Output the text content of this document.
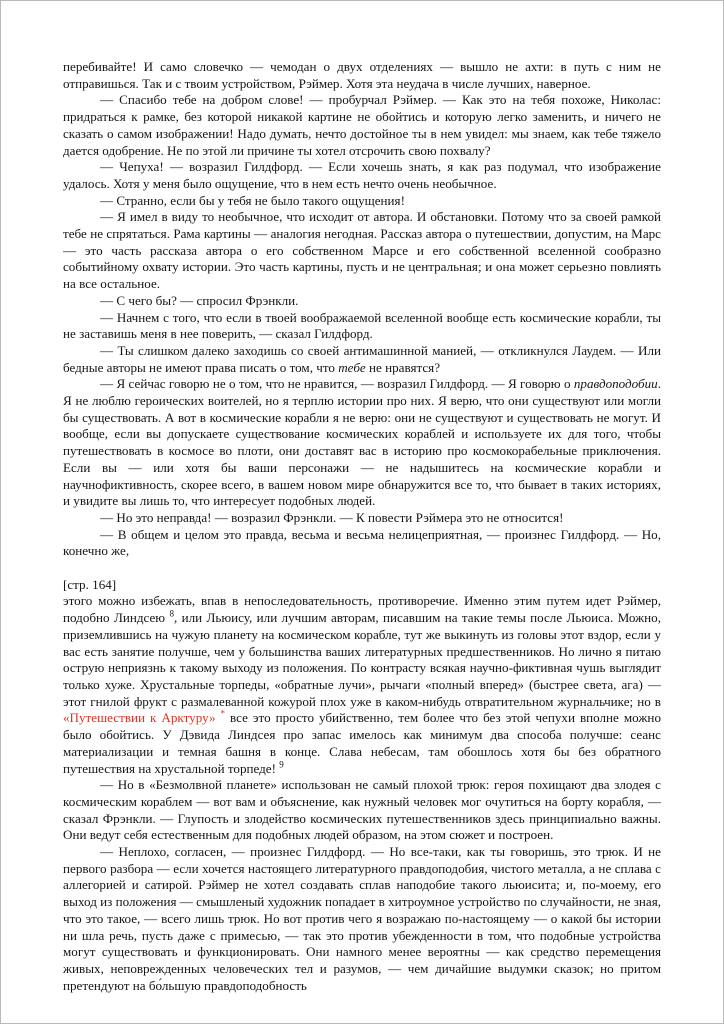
перебивайте! И само словечко — чемодан о двух отделениях — вышло не ахти: в путь с ним не отправишься. Так и с твоим устройством, Рэймер. Хотя эта неудача в числе лучших, наверное.

— Спасибо тебе на добром слове! — пробурчал Рэймер. — Как это на тебя похоже, Николас: придраться к рамке, без которой никакой картине не обойтись и которую легко заменить, и ничего не сказать о самом изображении! Надо думать, нечто достойное ты в нем увидел: мы знаем, как тебе тяжело дается одобрение. Не по этой ли причине ты хотел отсрочить свою похвалу?

— Чепуха! — возразил Гилдфорд. — Если хочешь знать, я как раз подумал, что изображение удалось. Хотя у меня было ощущение, что в нем есть нечто очень необычное.

— Странно, если бы у тебя не было такого ощущения!

— Я имел в виду то необычное, что исходит от автора. И обстановки. Потому что за своей рамкой тебе не спрятаться. Рама картины — аналогия негодная. Рассказ автора о путешествии, допустим, на Марс — это часть рассказа автора о его собственном Марсе и его собственной вселенной сообразно событийному охвату истории. Это часть картины, пусть и не центральная; и она может серьезно повлиять на все остальное.

— С чего бы? — спросил Фрэнкли.

— Начнем с того, что если в твоей воображаемой вселенной вообще есть космические корабли, ты не заставишь меня в нее поверить, — сказал Гилдфорд.

— Ты слишком далеко заходишь со своей антимашинной манией, — откликнулся Лаудем. — Или бедные авторы не имеют права писать о том, что тебе не нравятся?

— Я сейчас говорю не о том, что не нравится, — возразил Гилдфорд. — Я говорю о правдоподобии. Я не люблю героических воителей, но я терплю истории про них. Я верю, что они существуют или могли бы существовать. А вот в космические корабли я не верю: они не существуют и существовать не могут. И вообще, если вы допускаете существование космических кораблей и используете их для того, чтобы путешествовать в космосе во плоти, они доставят вас в историю про космокорабельные приключения. Если вы — или хотя бы ваши персонажи — не надышитесь на космические корабли и научнофиктивность, скорее всего, в вашем новом мире обнаружится все то, что бывает в таких историях, и увидите вы лишь то, что интересует подобных людей.

— Но это неправда! — возразил Фрэнкли. — К повести Рэймера это не относится!

— В общем и целом это правда, весьма и весьма нелицеприятная, — произнес Гилдфорд. — Но, конечно же,

[стр. 164]

этого можно избежать, впав в непоследовательность, противоречие. Именно этим путем идет Рэймер, подобно Линдсею $^8$, или Льюису, или лучшим авторам, писавшим на такие темы после Льюиса. Можно, приземлившись на чужую планету на космическом корабле, тут же выкинуть из головы этот вздор, если у вас есть занятие получше, чем у большинства ваших литературных предшественников. Но лично я питаю острую неприязнь к такому выходу из положения. По контрасту всякая научно-фиктивная чушь выглядит только хуже. Хрустальные торпеды, «обратные лучи», рычаги «полный вперед» (быстрее света, ага) — этот гнилой фрукт с размалеванной кожурой плох уже в каком-нибудь отвратительном журнальчике; но в «Путешествии к Арктуру» * все это просто убийственно, тем более что без этой чепухи вполне можно было обойтись. У Дэвида Линдсея про запас имелось как минимум два способа получше: сеанс материализации и темная башня в конце. Слава небесам, там обошлось хотя бы без обратного путешествия на хрустальной торпеде! $^9$

— Но в «Безмолвной планете» использован не самый плохой трюк: героя похищают два злодея с космическим кораблем — вот вам и объяснение, как нужный человек мог очутиться на борту корабля, — сказал Фрэнкли. — Глупость и злодейство космических путешественников здесь принципиально важны. Они ведут себя естественным для подобных людей образом, на этом сюжет и построен.

— Неплохо, согласен, — произнес Гилдфорд. — Но все-таки, как ты говоришь, это трюк. И не первого разбора — если хочется настоящего литературного правдоподобия, чистого металла, а не сплава с аллегорией и сатирой. Рэймер не хотел создавать сплав наподобие такого льюисита; и, по-моему, его выход из положения — смышленый художник попадает в хитроумное устройство по случайности, не зная, что это такое, — всего лишь трюк. Но вот против чего я возражаю по-настоящему — о какой бы истории ни шла речь, пусть даже с примесью, — так это против убежденности в том, что подобные устройства могут существовать и функционировать. Они намного менее вероятны — как средство перемещения живых, неповрежденных человеческих тел и разумов, — чем дичайшие выдумки сказок; но притом претендуют на бо́льшую правдоподобность
